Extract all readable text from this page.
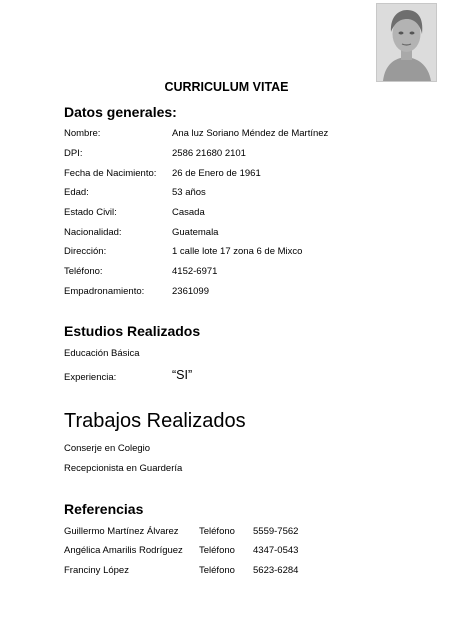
CURRICULUM VITAE
Datos generales:
Nombre:	Ana luz Soriano Méndez de Martínez
DPI:	2586 21680 2101
Fecha de Nacimiento: 26 de Enero de 1961
Edad:	53 años
Estado Civil:	Casada
Nacionalidad:	Guatemala
Dirección:	1 calle lote 17 zona 6 de Mixco
Teléfono:	4152-6971
Empadronamiento:	2361099
Estudios Realizados
Educación Básica
Experiencia:	“SI”
Trabajos Realizados
Conserje en Colegio
Recepcionista en Guardería
Referencias
Guillermo Martínez Álvarez Teléfono 5559-7562
Angélica Amarilis Rodríguez Teléfono 4347-0543
Franciny López	Teléfono 5623-6284
